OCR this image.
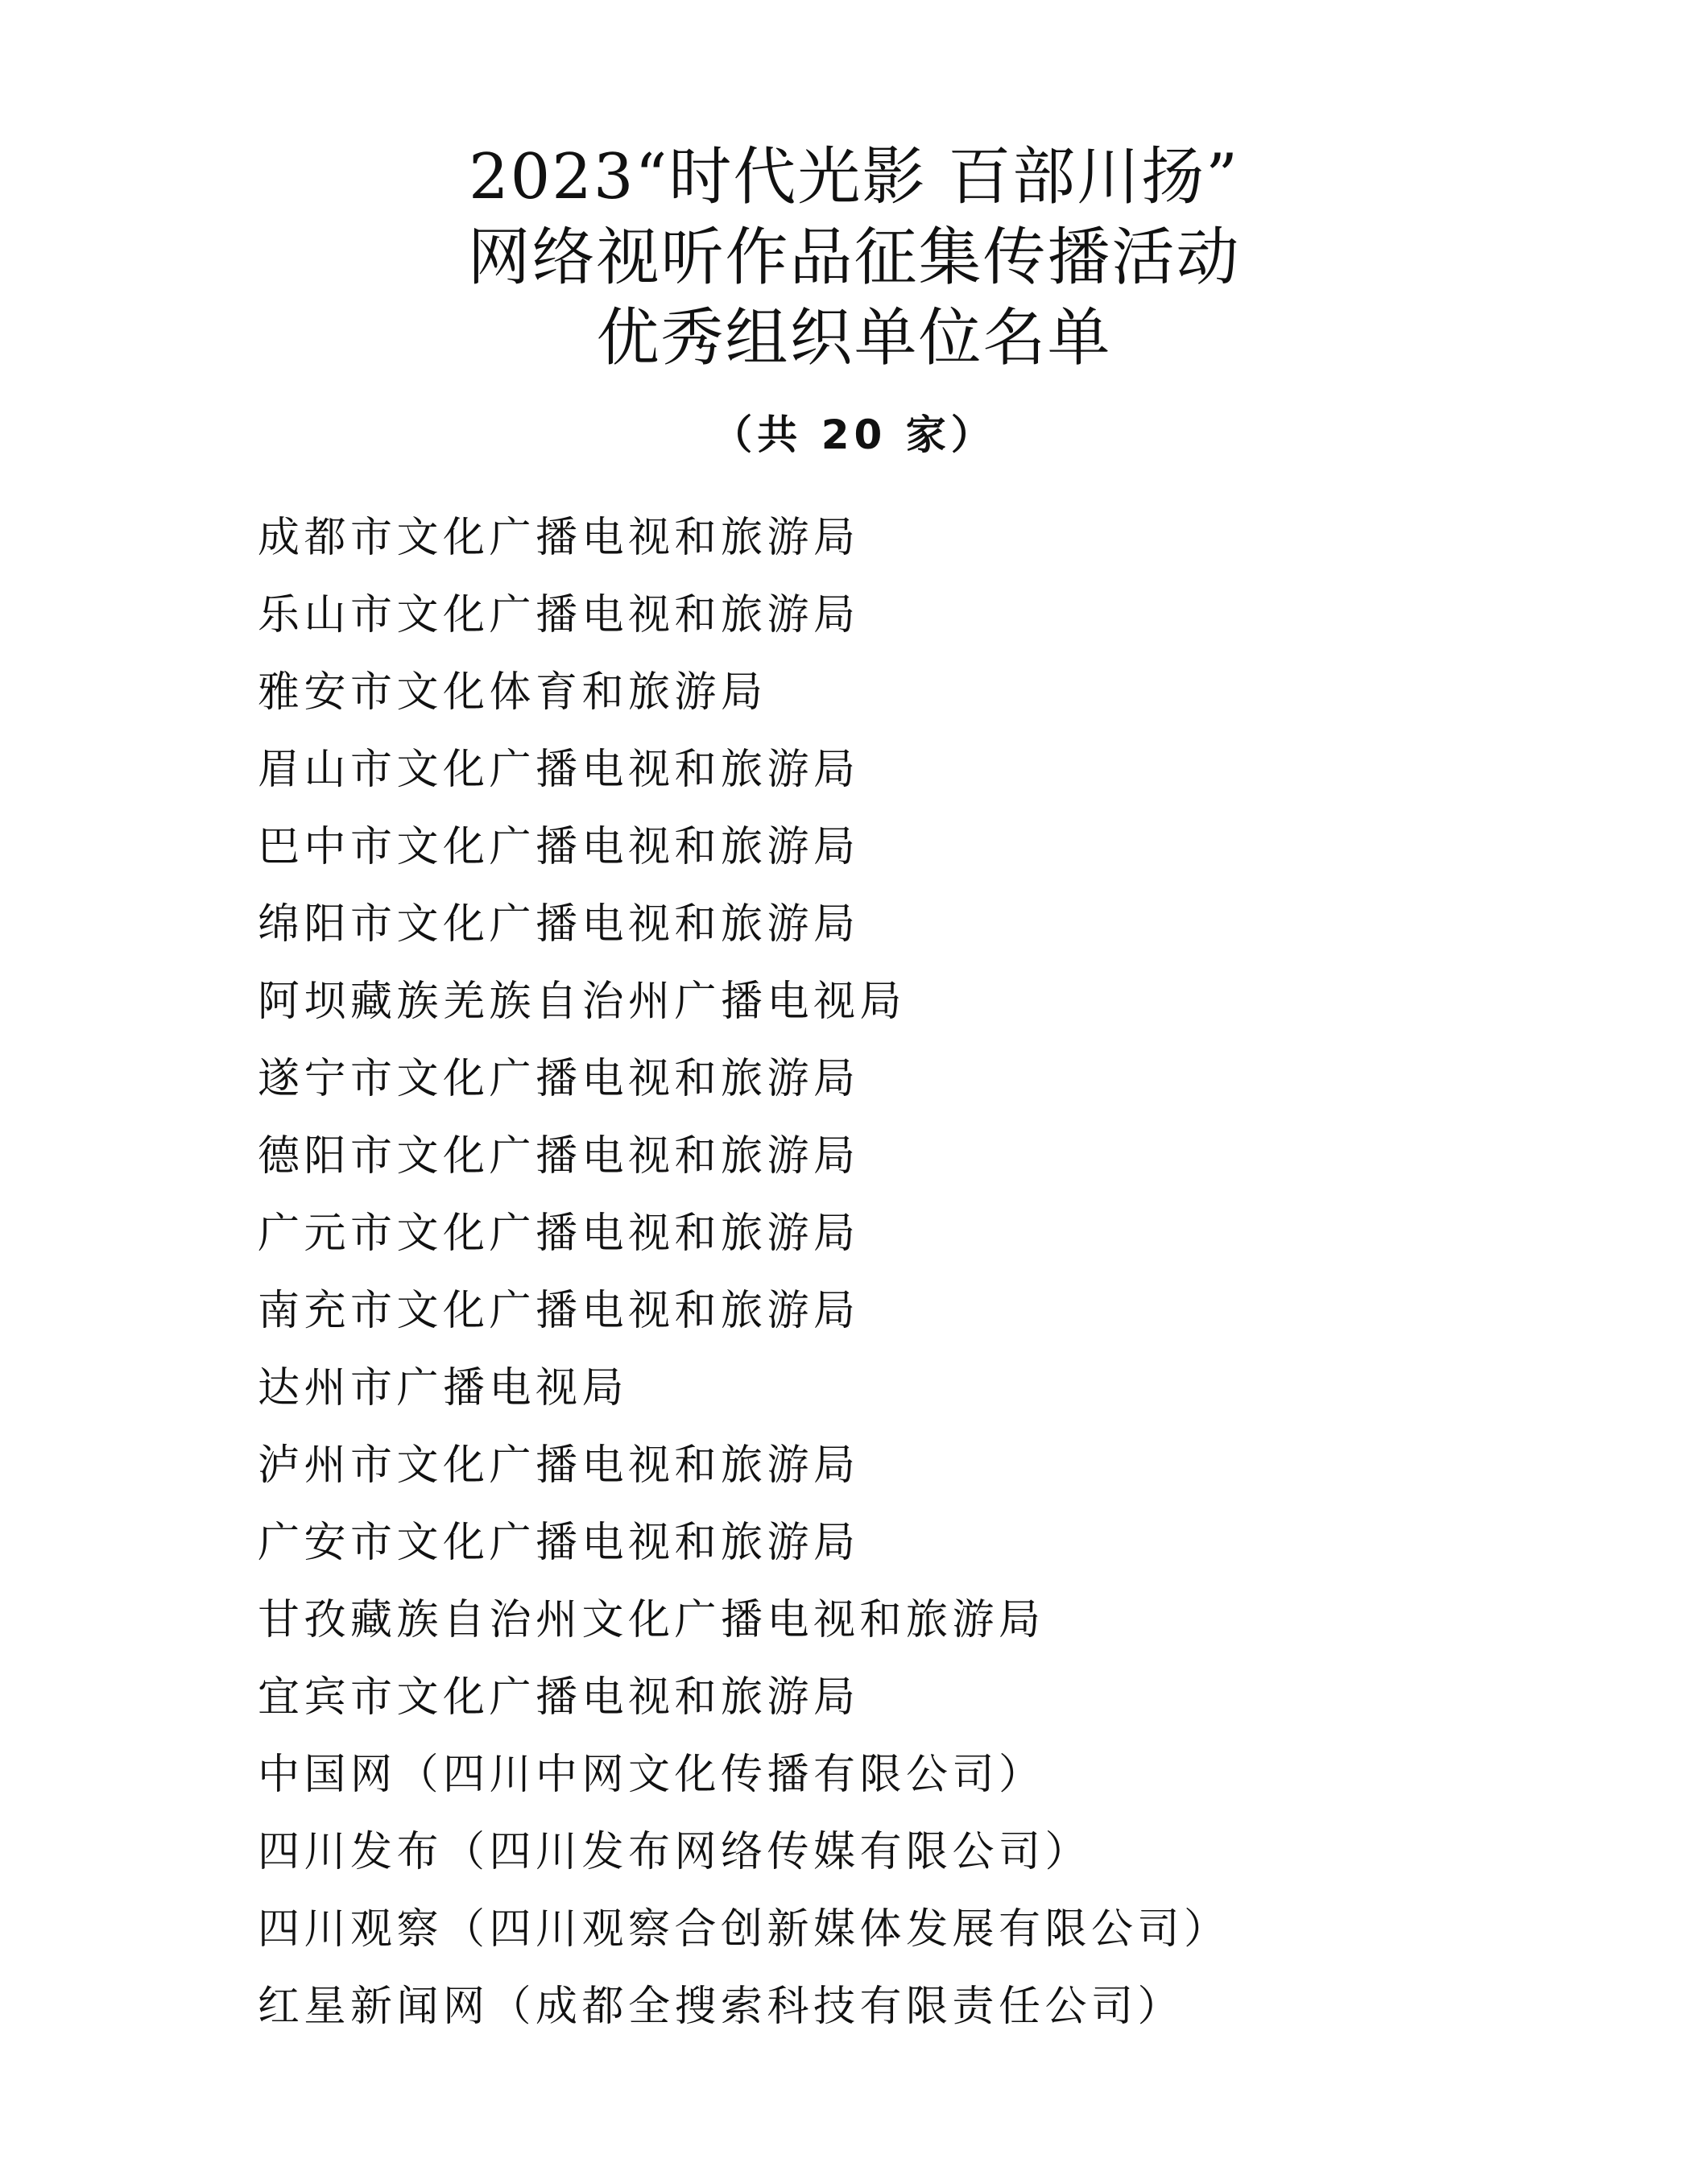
2023“时代光影 百部川扬”
网络视听作品征集传播活动
优秀组织单位名单
（共 20 家）
成都市文化广播电视和旅游局
乐山市文化广播电视和旅游局
雅安市文化体育和旅游局
眉山市文化广播电视和旅游局
巴中市文化广播电视和旅游局
绵阳市文化广播电视和旅游局
阿坝藏族羌族自治州广播电视局
遂宁市文化广播电视和旅游局
德阳市文化广播电视和旅游局
广元市文化广播电视和旅游局
南充市文化广播电视和旅游局
达州市广播电视局
泸州市文化广播电视和旅游局
广安市文化广播电视和旅游局
甘孜藏族自治州文化广播电视和旅游局
宜宾市文化广播电视和旅游局
中国网（四川中网文化传播有限公司）
四川发布（四川发布网络传媒有限公司）
四川观察（四川观察合创新媒体发展有限公司）
红星新闻网（成都全搜索科技有限责任公司）
